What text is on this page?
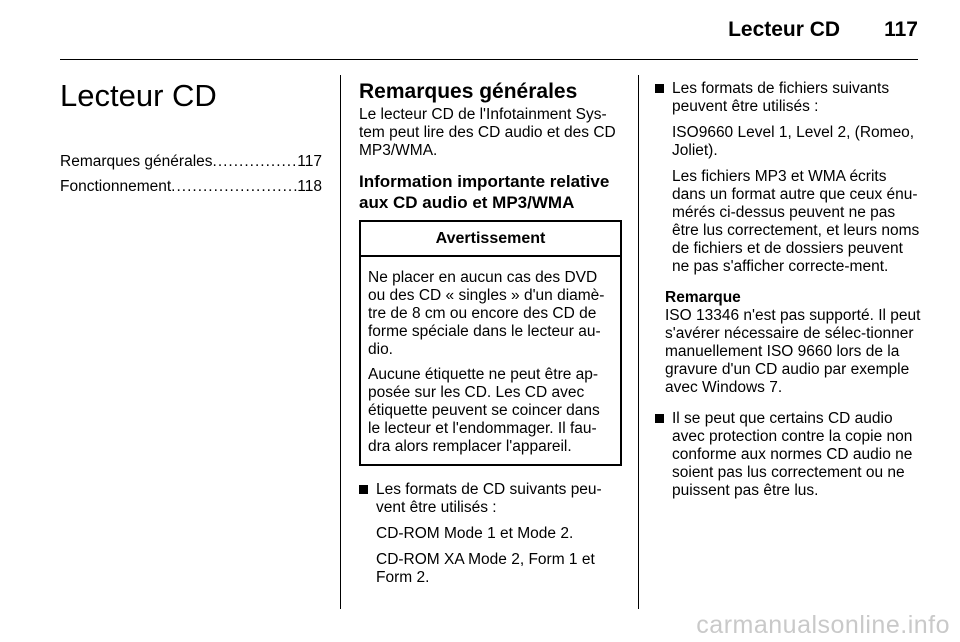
Lecteur CD 117
Lecteur CD
Remarques générales .....	117
Fonctionnement .....	118
Remarques générales

Le lecteur CD de l'Infotainment Sys-tem peut lire des CD audio et des CD MP3/WMA.

Information importante relative aux CD audio et MP3/WMA
Avertissement

Ne placer en aucun cas des DVD ou des CD « singles » d'un diamè-tre de 8 cm ou encore des CD de forme spéciale dans le lecteur au-dio.

Aucune étiquette ne peut être ap-posée sur les CD. Les CD avec étiquette peuvent se coincer dans le lecteur et l'endommager. Il fau-dra alors remplacer l'appareil.

Les formats de CD suivants peu-vent être utilisés :

CD-ROM Mode 1 et Mode 2.

CD-ROM XA Mode 2, Form 1 et Form 2.

Les formats de fichiers suivants peuvent être utilisés :

ISO9660 Level 1, Level 2, (Romeo, Joliet).

Les fichiers MP3 et WMA écrits dans un format autre que ceux énu-mérés ci-dessus peuvent ne pas être lus correctement, et leurs noms de fichiers et de dossiers peuvent ne pas s'afficher correcte-ment.

Remarque

ISO 13346 n'est pas supporté. Il peut s'avérer nécessaire de sélec-tionner manuellement ISO 9660 lors de la gravure d'un CD audio par exemple avec Windows 7.

Il se peut que certains CD audio avec protection contre la copie non conforme aux normes CD audio ne soient pas lus correctement ou ne puissent pas être lus.

carmanualsonline.info
